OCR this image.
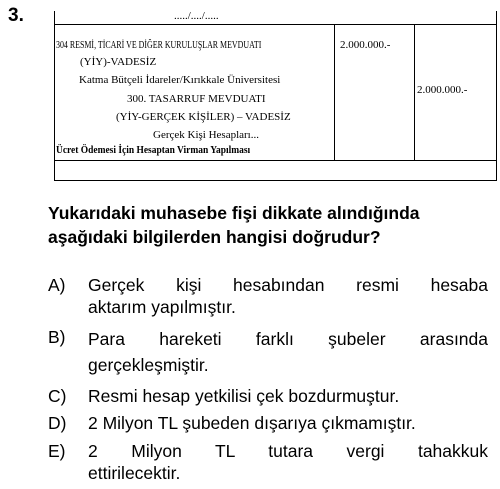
3.	...../..../.....
304 RESMİ, TİCARİ VE DİĞER KURULUŞLAR MEVDUATI
(YİY)-VADESİZ
Katma Bütçeli İdareler/Kırıkkale Üniversitesi
2.000.000.-
300. TASARRUF MEVDUATI
(YİY-GERÇEK KİŞİLER) – VADESİZ
Gerçek Kişi Hesapları...
2.000.000.-
Ücret Ödemesi İçin Hesaptan Virman Yapılması
Yukarıdaki muhasebe fişi dikkate alındığında
aşağıdaki bilgilerden hangisi doğrudur?
A) Gerçek kişi hesabından resmi hesaba
aktarım yapılmıştır.
B) Para hareketi farklı şubeler arasında
gerçekleşmiştir.
C) Resmi hesap yetkilisi çek bozdurmuştur.
D) 2 Milyon TL şubeden dışarıya çıkmamıştır.
E) 2 Milyon TL tutara vergi tahakkuk
ettirilecektir.
